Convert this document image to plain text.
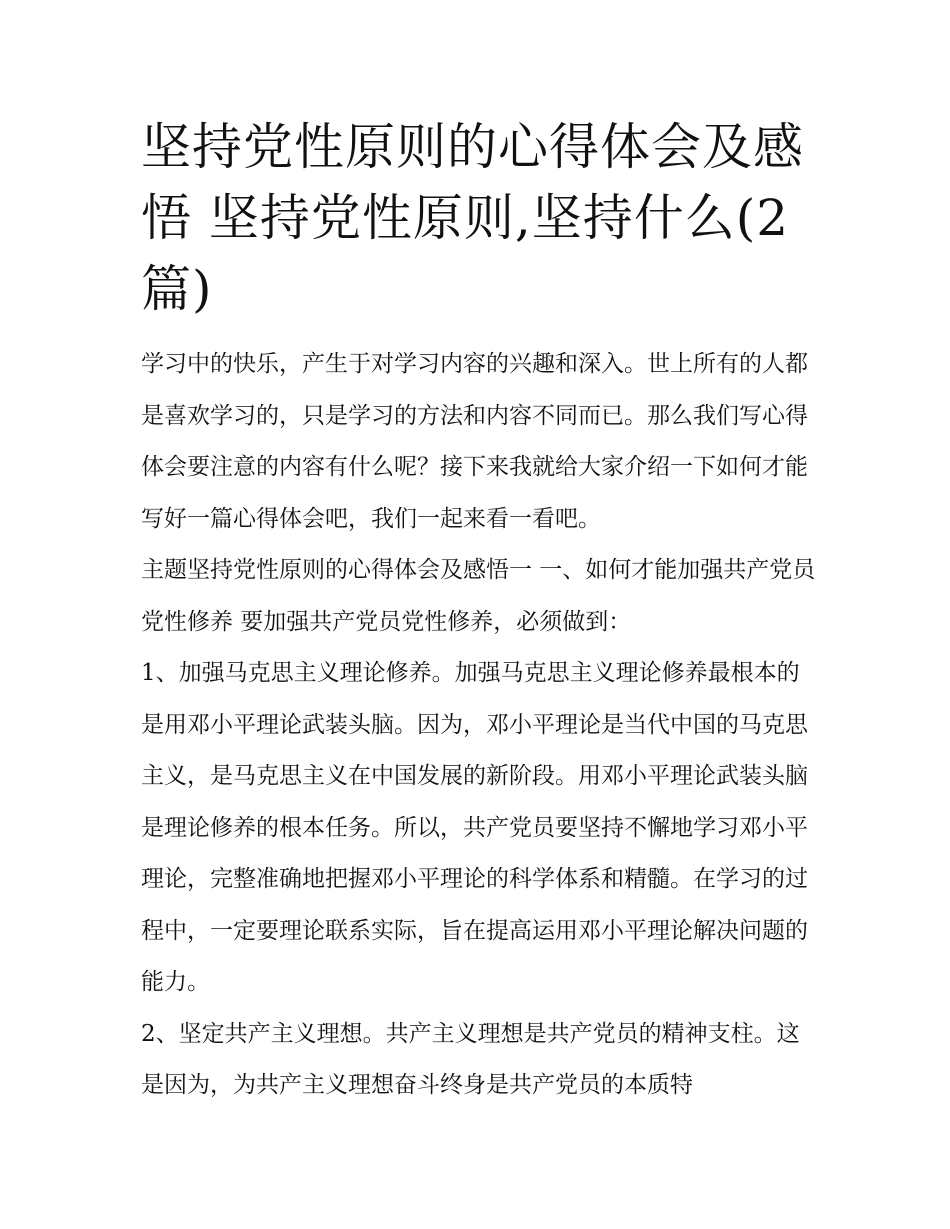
坚持党性原则的心得体会及感悟 坚持党性原则,坚持什么(2篇)

学习中的快乐，产生于对学习内容的兴趣和深入。世上所有的人都是喜欢学习的，只是学习的方法和内容不同而已。那么我们写心得体会要注意的内容有什么呢？接下来我就给大家介绍一下如何才能写好一篇心得体会吧，我们一起来看一看吧。

主题坚持党性原则的心得体会及感悟一 一、如何才能加强共产党员党性修养 要加强共产党员党性修养，必须做到：

1、加强马克思主义理论修养。加强马克思主义理论修养最根本的是用邓小平理论武装头脑。因为，邓小平理论是当代中国的马克思主义，是马克思主义在中国发展的新阶段。用邓小平理论武装头脑是理论修养的根本任务。所以，共产党员要坚持不懈地学习邓小平理论，完整准确地把握邓小平理论的科学体系和精髓。在学习的过程中，一定要理论联系实际，旨在提高运用邓小平理论解决问题的能力。

2、坚定共产主义理想。共产主义理想是共产党员的精神支柱。这是因为，为共产主义理想奋斗终身是共产党员的本质特
